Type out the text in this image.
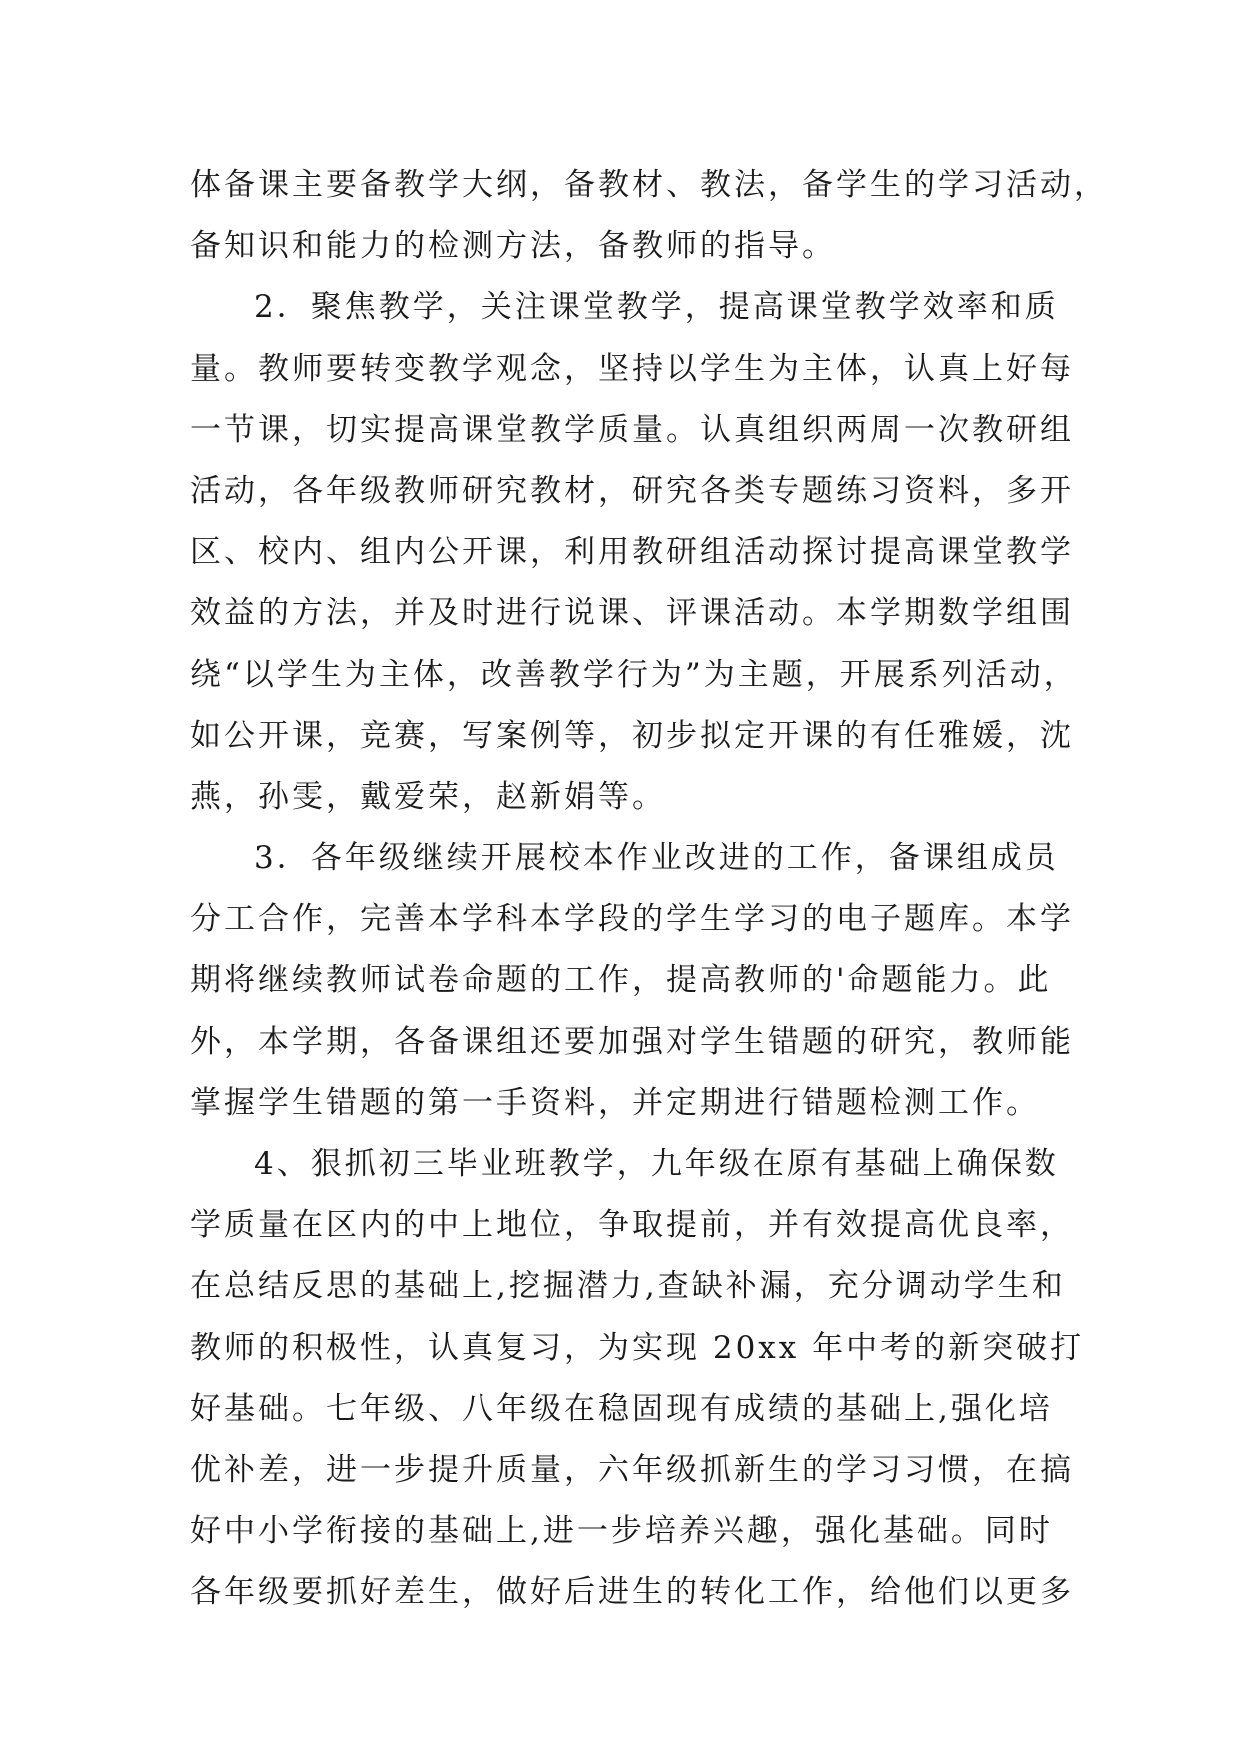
体备课主要备教学大纲，备教材、教法，备学生的学习活动，
备知识和能力的检测方法，备教师的指导。
2．聚焦教学，关注课堂教学，提高课堂教学效率和质
量。教师要转变教学观念，坚持以学生为主体，认真上好每
一节课，切实提高课堂教学质量。认真组织两周一次教研组
活动，各年级教师研究教材，研究各类专题练习资料，多开
区、校内、组内公开课，利用教研组活动探讨提高课堂教学
效益的方法，并及时进行说课、评课活动。本学期数学组围
绕“以学生为主体，改善教学行为”为主题，开展系列活动，
如公开课，竞赛，写案例等，初步拟定开课的有任雅媛，沈
燕，孙雯，戴爱荣，赵新娟等。
3．各年级继续开展校本作业改进的工作，备课组成员
分工合作，完善本学科本学段的学生学习的电子题库。本学
期将继续教师试卷命题的工作，提高教师的'命题能力。此
外，本学期，各备课组还要加强对学生错题的研究，教师能
掌握学生错题的第一手资料，并定期进行错题检测工作。
4、狠抓初三毕业班教学，九年级在原有基础上确保数
学质量在区内的中上地位，争取提前，并有效提高优良率，
在总结反思的基础上,挖掘潜力,查缺补漏，充分调动学生和
教师的积极性，认真复习，为实现 20xx 年中考的新突破打
好基础。七年级、八年级在稳固现有成绩的基础上,强化培
优补差，进一步提升质量，六年级抓新生的学习习惯，在搞
好中小学衔接的基础上,进一步培养兴趣，强化基础。同时
各年级要抓好差生，做好后进生的转化工作，给他们以更多
